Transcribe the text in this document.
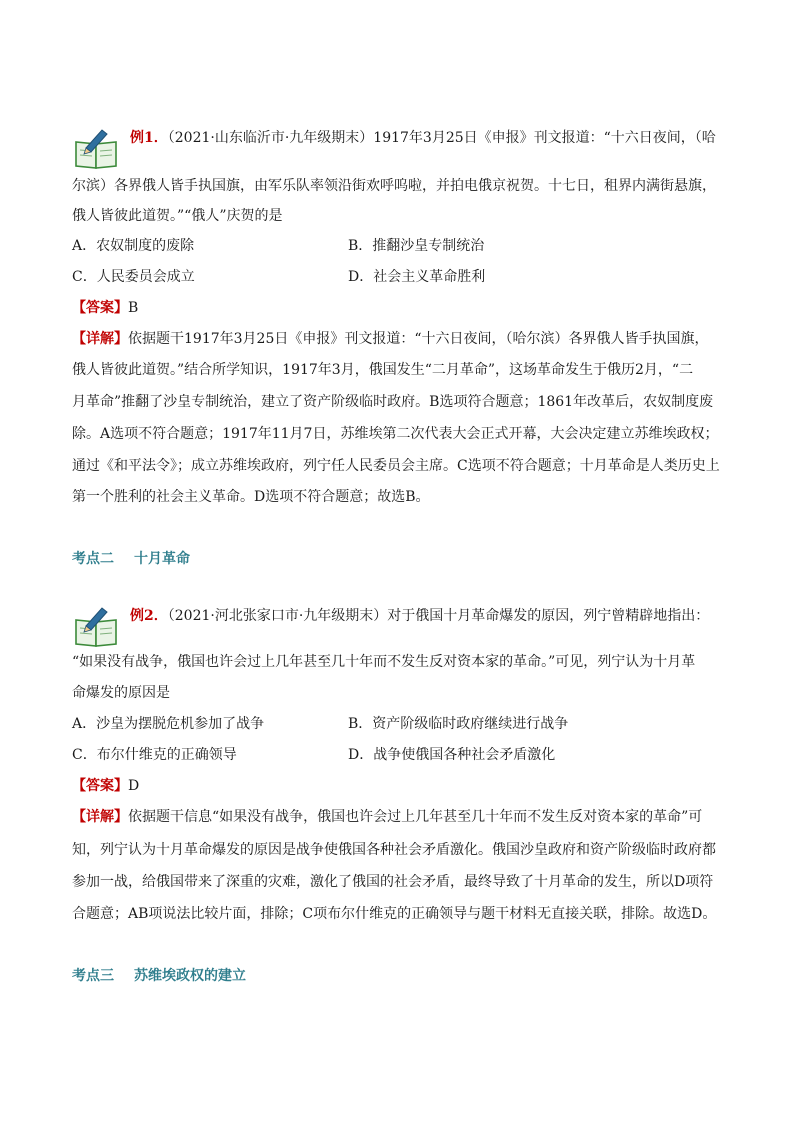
例1．（2021·山东临沂市·九年级期末）1917年3月25日《申报》刊文报道：“十六日夜间，（哈
尔滨）各界俄人皆手执国旗，由军乐队率领沿街欢呼呜啦，并拍电俄京祝贺。十七日，租界内满街悬旗，
俄人皆彼此道贺。”“俄人”庆贺的是
A．农奴制度的废除	B．推翻沙皇专制统治
C．人民委员会成立	D．社会主义革命胜利
【答案】B
【详解】依据题干1917年3月25日《申报》刊文报道：“十六日夜间，（哈尔滨）各界俄人皆手执国旗，
俄人皆彼此道贺。”结合所学知识，1917年3月，俄国发生“二月革命”，这场革命发生于俄历2月，“二
月革命”推翻了沙皇专制统治，建立了资产阶级临时政府。B选项符合题意；1861年改革后，农奴制度废
除。A选项不符合题意；1917年11月7日，苏维埃第二次代表大会正式开幕，大会决定建立苏维埃政权；
通过《和平法令》；成立苏维埃政府，列宁任人民委员会主席。C选项不符合题意；十月革命是人类历史上
第一个胜利的社会主义革命。D选项不符合题意；故选B。
考点二 十月革命
例2．（2021·河北张家口市·九年级期末）对于俄国十月革命爆发的原因，列宁曾精辟地指出：
“如果没有战争，俄国也许会过上几年甚至几十年而不发生反对资本家的革命。”可见，列宁认为十月革
命爆发的原因是
A．沙皇为摆脱危机参加了战争	B．资产阶级临时政府继续进行战争
C．布尔什维克的正确领导	D．战争使俄国各种社会矛盾激化
【答案】D
【详解】依据题干信息“如果没有战争，俄国也许会过上几年甚至几十年而不发生反对资本家的革命”可
知，列宁认为十月革命爆发的原因是战争使俄国各种社会矛盾激化。俄国沙皇政府和资产阶级临时政府都
参加一战，给俄国带来了深重的灾难，激化了俄国的社会矛盾，最终导致了十月革命的发生，所以D项符
合题意；AB项说法比较片面，排除；C项布尔什维克的正确领导与题干材料无直接关联，排除。故选D。
考点三 苏维埃政权的建立
